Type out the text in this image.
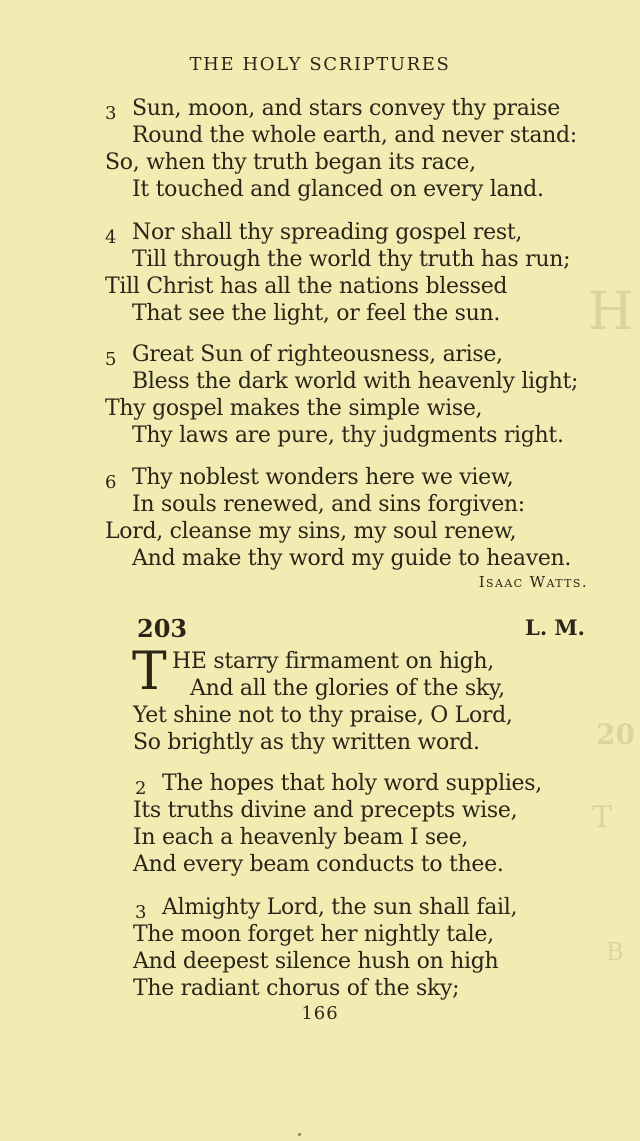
H
20
T
B
THE HOLY SCRIPTURES
3 Sun, moon, and stars convey thy praise
Round the whole earth, and never stand:
So, when thy truth began its race,
It touched and glanced on every land.
4 Nor shall thy spreading gospel rest,
Till through the world thy truth has run;
Till Christ has all the nations blessed
That see the light, or feel the sun.
5 Great Sun of righteousness, arise,
Bless the dark world with heavenly light;
Thy gospel makes the simple wise,
Thy laws are pure, thy judgments right.
6 Thy noblest wonders here we view,
In souls renewed, and sins forgiven:
Lord, cleanse my sins, my soul renew,
And make thy word my guide to heaven.
Isaac Watts.
203	L. M.
T HE starry firmament on high,
And all the glories of the sky,
Yet shine not to thy praise, O Lord,
So brightly as thy written word.
2 The hopes that holy word supplies,
Its truths divine and precepts wise,
In each a heavenly beam I see,
And every beam conducts to thee.
3 Almighty Lord, the sun shall fail,
The moon forget her nightly tale,
And deepest silence hush on high
The radiant chorus of the sky;
166
